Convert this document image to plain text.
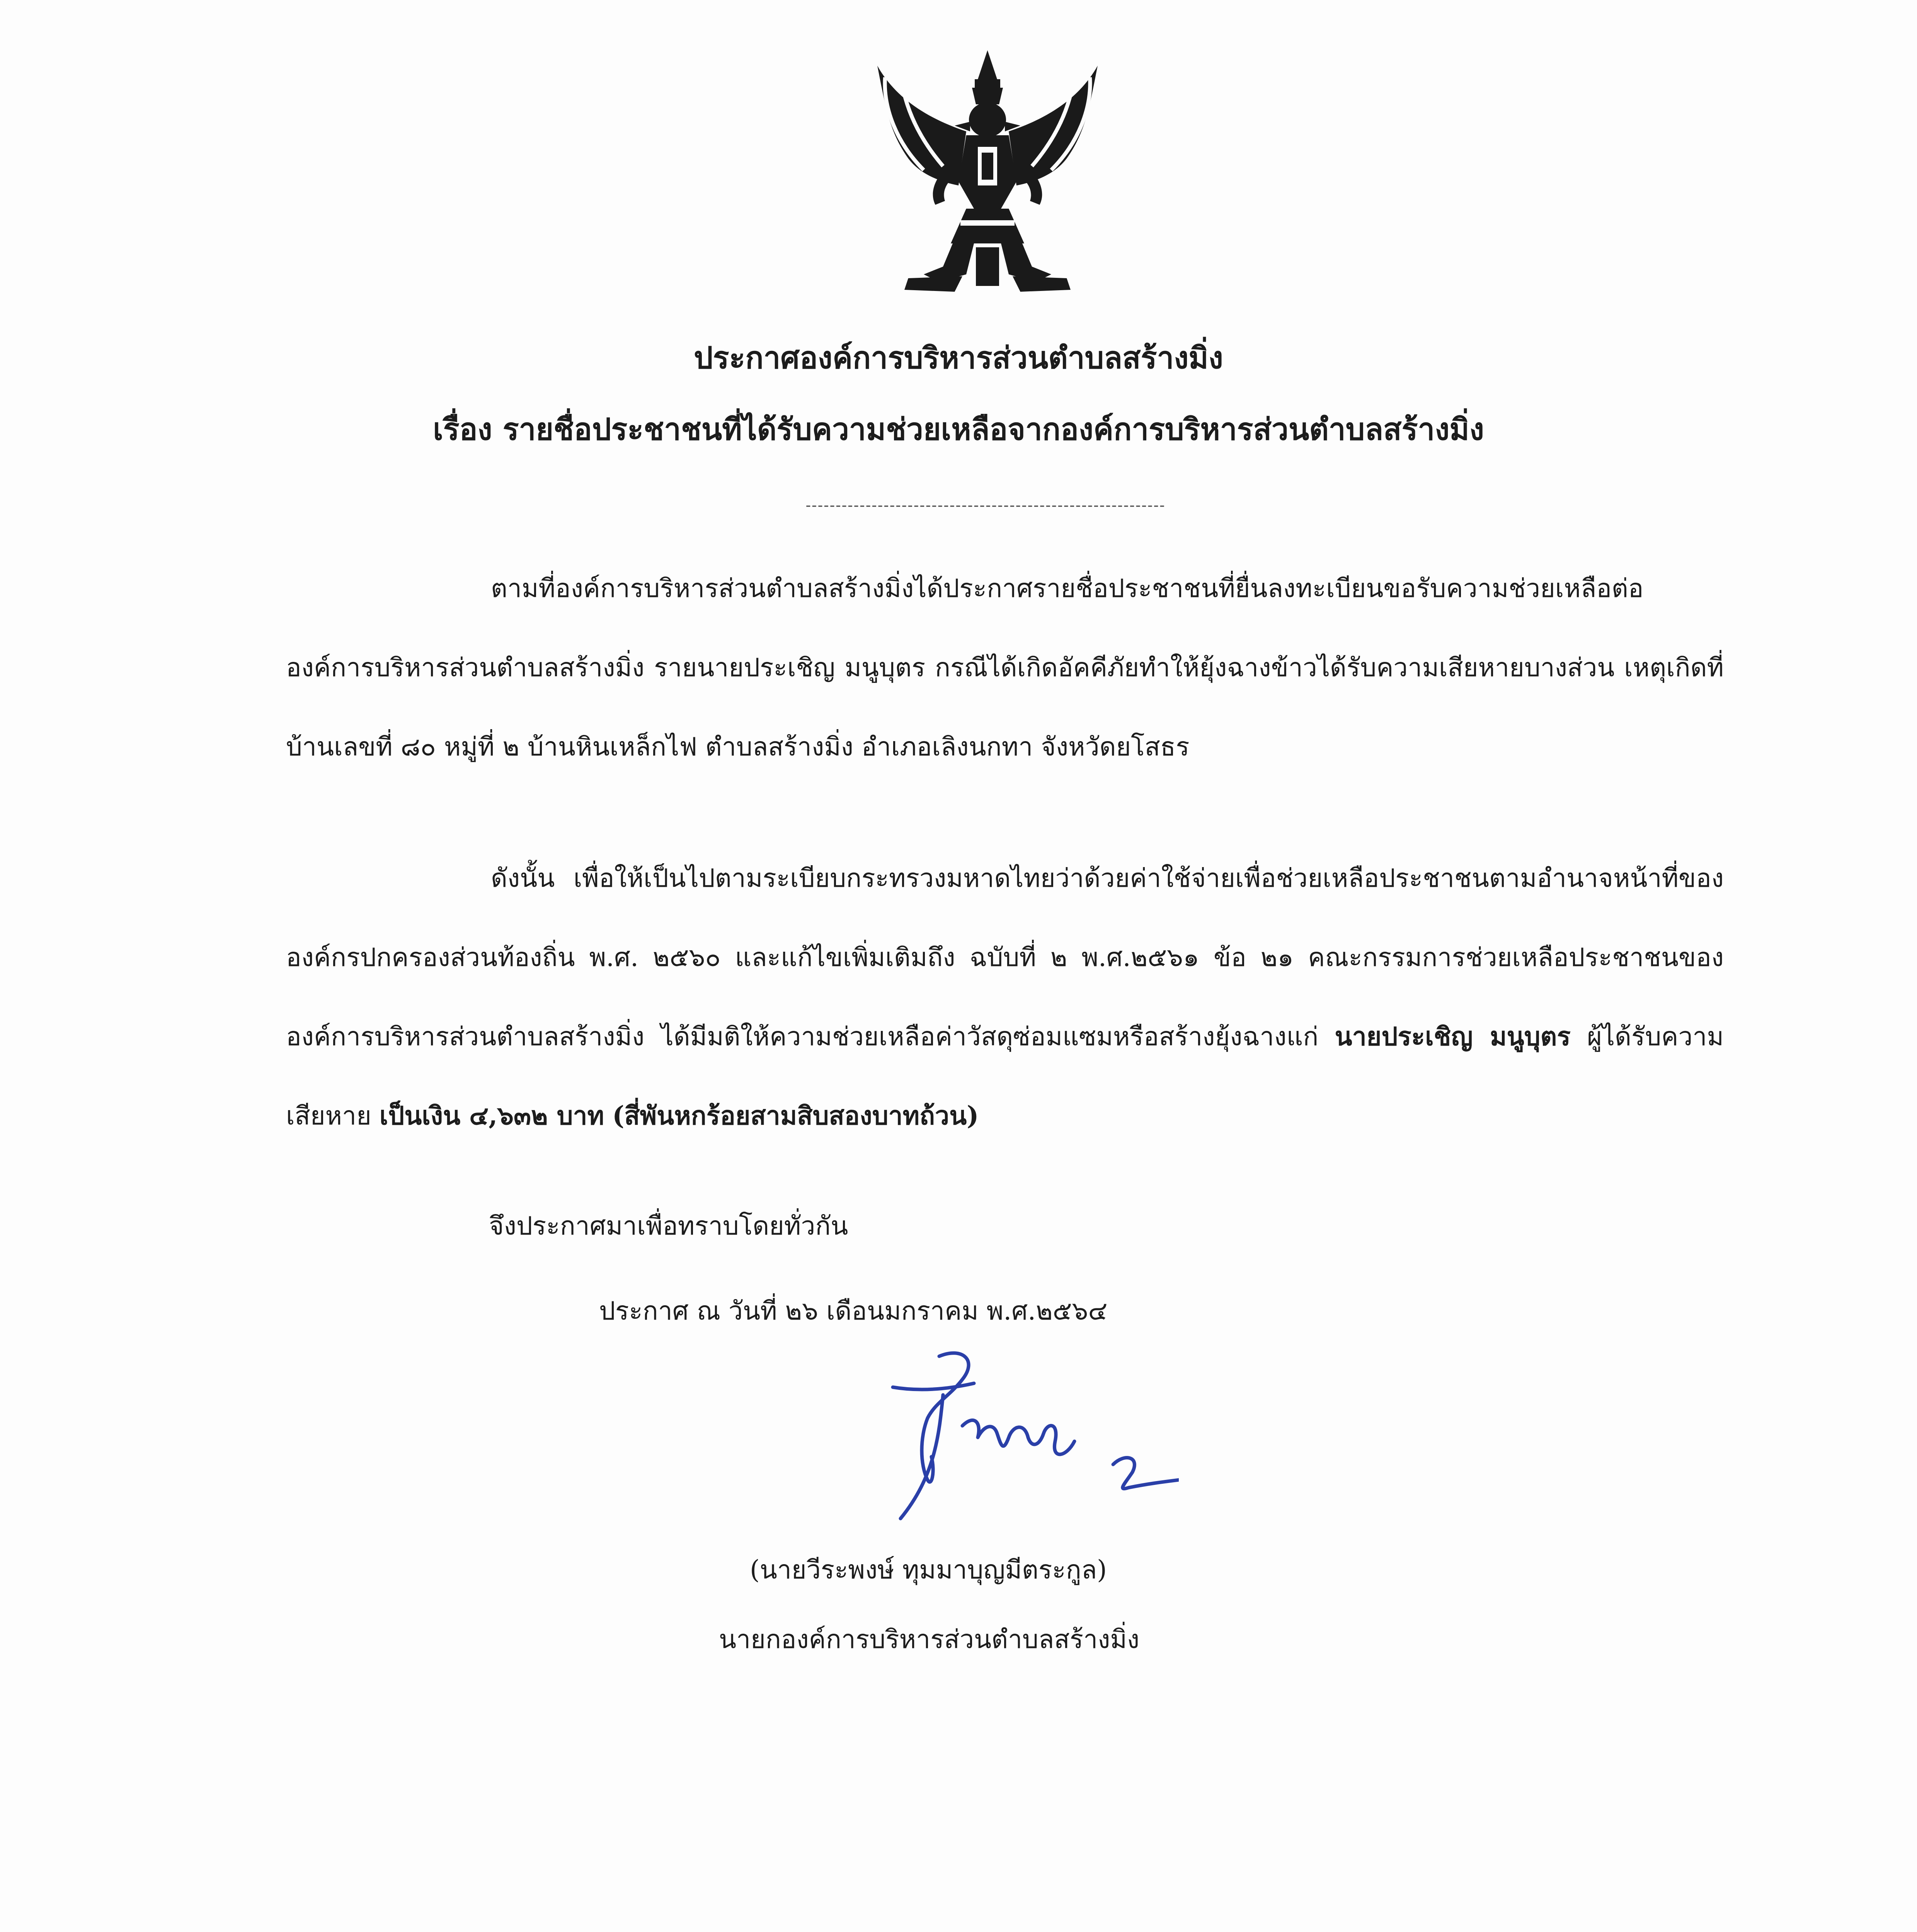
ประกาศองค์การบริหารส่วนตำบลสร้างมิ่ง
เรื่อง รายชื่อประชาชนที่ได้รับความช่วยเหลือจากองค์การบริหารส่วนตำบลสร้างมิ่ง
------------------------------------------------------------
ตามที่องค์การบริหารส่วนตำบลสร้างมิ่งได้ประกาศรายชื่อประชาชนที่ยื่นลงทะเบียนขอรับความช่วยเหลือต่อองค์การบริหารส่วนตำบลสร้างมิ่ง รายนายประเชิญ มนูบุตร กรณีได้เกิดอัคคีภัยทำให้ยุ้งฉางข้าวได้รับความเสียหายบางส่วน เหตุเกิดที่บ้านเลขที่ ๘๐ หมู่ที่ ๒ บ้านหินเหล็กไฟ ตำบลสร้างมิ่ง อำเภอเลิงนกทา จังหวัดยโสธร
ดังนั้น เพื่อให้เป็นไปตามระเบียบกระทรวงมหาดไทยว่าด้วยค่าใช้จ่ายเพื่อช่วยเหลือประชาชนตามอำนาจหน้าที่ขององค์กรปกครองส่วนท้องถิ่น พ.ศ. ๒๕๖๐ และแก้ไขเพิ่มเติมถึง ฉบับที่ ๒ พ.ศ.๒๕๖๑ ข้อ ๒๑ คณะกรรมการช่วยเหลือประชาชนขององค์การบริหารส่วนตำบลสร้างมิ่ง ได้มีมติให้ความช่วยเหลือค่าวัสดุซ่อมแซมหรือสร้างยุ้งฉางแก่ นายประเชิญ มนูบุตร ผู้ได้รับความเสียหาย เป็นเงิน ๔,๖๓๒ บาท (สี่พันหกร้อยสามสิบสองบาทถ้วน)
จึงประกาศมาเพื่อทราบโดยทั่วกัน
ประกาศ ณ วันที่ ๒๖ เดือนมกราคม พ.ศ.๒๕๖๔
(นายวีระพงษ์ ทุมมาบุญมีตระกูล)
นายกองค์การบริหารส่วนตำบลสร้างมิ่ง
